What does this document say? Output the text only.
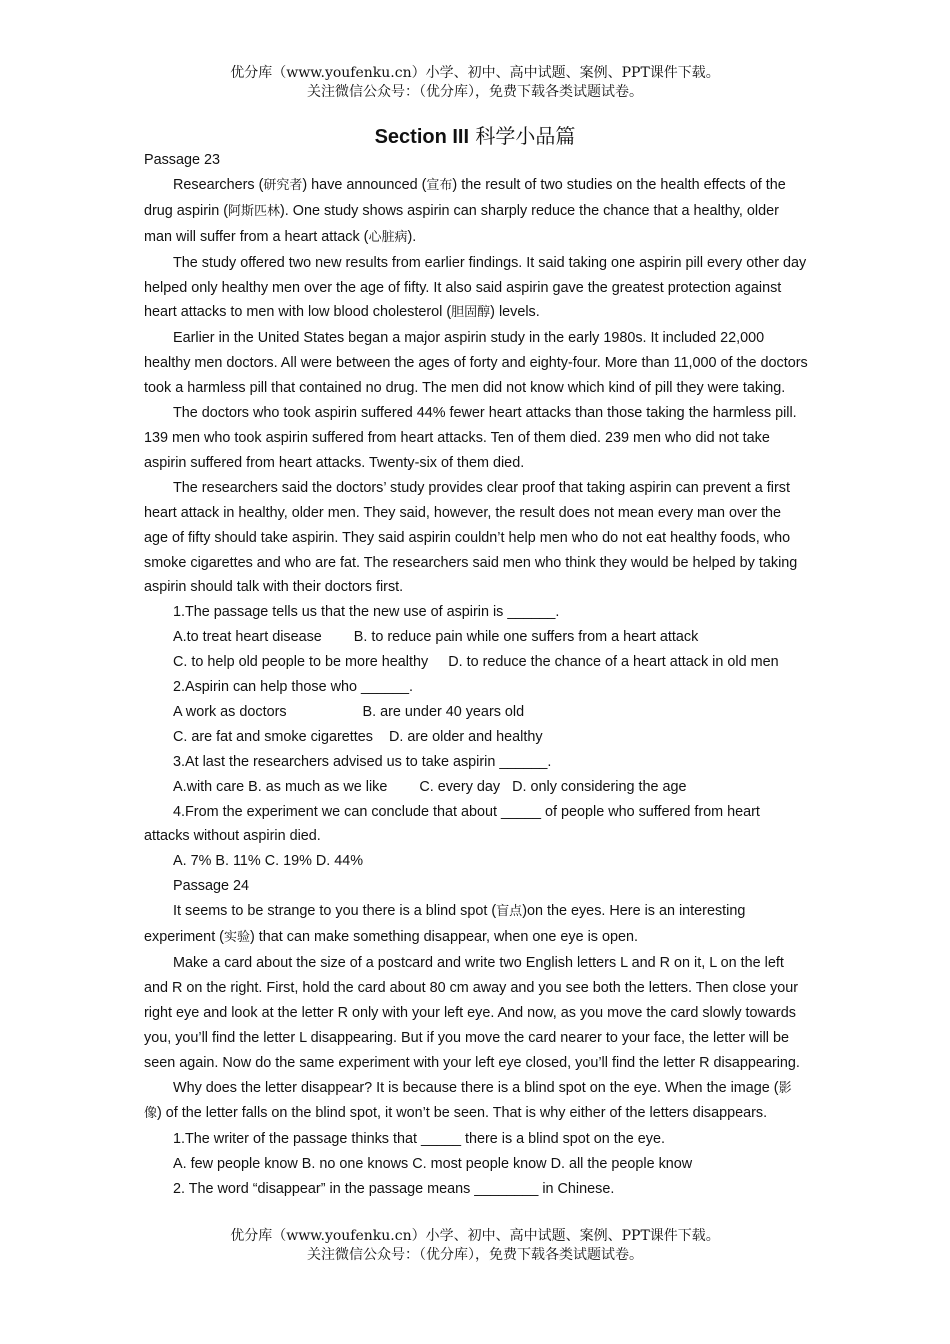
优分库（www.youfenku.cn）小学、初中、高中试题、案例、PPT课件下载。
关注微信公众号：（优分库），免费下载各类试题试卷。
Section III 科学小品篇

Passage 23

Researchers (研究者) have announced (宣布) the result of two studies on the health effects of the drug aspirin (阿斯匹林). One study shows aspirin can sharply reduce the chance that a healthy, older man will suffer from a heart attack (心脏病).

The study offered two new results from earlier findings. It said taking one aspirin pill every other day helped only healthy men over the age of fifty. It also said aspirin gave the greatest protection against heart attacks to men with low blood cholesterol (胆固醇) levels.

Earlier in the United States began a major aspirin study in the early 1980s. It included 22,000 healthy men doctors. All were between the ages of forty and eighty-four. More than 11,000 of the doctors took a harmless pill that contained no drug. The men did not know which kind of pill they were taking.

The doctors who took aspirin suffered 44% fewer heart attacks than those taking the harmless pill. 139 men who took aspirin suffered from heart attacks. Ten of them died. 239 men who did not take aspirin suffered from heart attacks. Twenty-six of them died.

The researchers said the doctors’ study provides clear proof that taking aspirin can prevent a first heart attack in healthy, older men. They said, however, the result does not mean every man over the age of fifty should take aspirin. They said aspirin couldn’t help men who do not eat healthy foods, who smoke cigarettes and who are fat. The researchers said men who think they would be helped by taking aspirin should talk with their doctors first.

1.The passage tells us that the new use of aspirin is ______.

A.to treat heart disease        B. to reduce pain while one suffers from a heart attack

C. to help old people to be more healthy     D. to reduce the chance of a heart attack in old men

2.Aspirin can help those who ______.

A work as doctors                   B. are under 40 years old

C. are fat and smoke cigarettes    D. are older and healthy

3.At last the researchers advised us to take aspirin ______.

A.with care B. as much as we like        C. every day   D. only considering the age

4.From the experiment we can conclude that about _____ of people who suffered from heart attacks without aspirin died.

A. 7% B. 11% C. 19% D. 44%

Passage 24

It seems to be strange to you there is a blind spot (盲点)on the eyes. Here is an interesting experiment (实验) that can make something disappear, when one eye is open.

Make a card about the size of a postcard and write two English letters L and R on it, L on the left and R on the right. First, hold the card about 80 cm away and you see both the letters. Then close your right eye and look at the letter R only with your left eye. And now, as you move the card slowly towards you, you’ll find the letter L disappearing. But if you move the card nearer to your face, the letter will be seen again. Now do the same experiment with your left eye closed, you’ll find the letter R disappearing.

Why does the letter disappear? It is because there is a blind spot on the eye. When the image (影像) of the letter falls on the blind spot, it won’t be seen. That is why either of the letters disappears.

1.The writer of the passage thinks that _____ there is a blind spot on the eye.

A. few people know B. no one knows C. most people know D. all the people know

2. The word “disappear” in the passage means ________ in Chinese.

优分库（www.youfenku.cn）小学、初中、高中试题、案例、PPT课件下载。
关注微信公众号：（优分库），免费下载各类试题试卷。
